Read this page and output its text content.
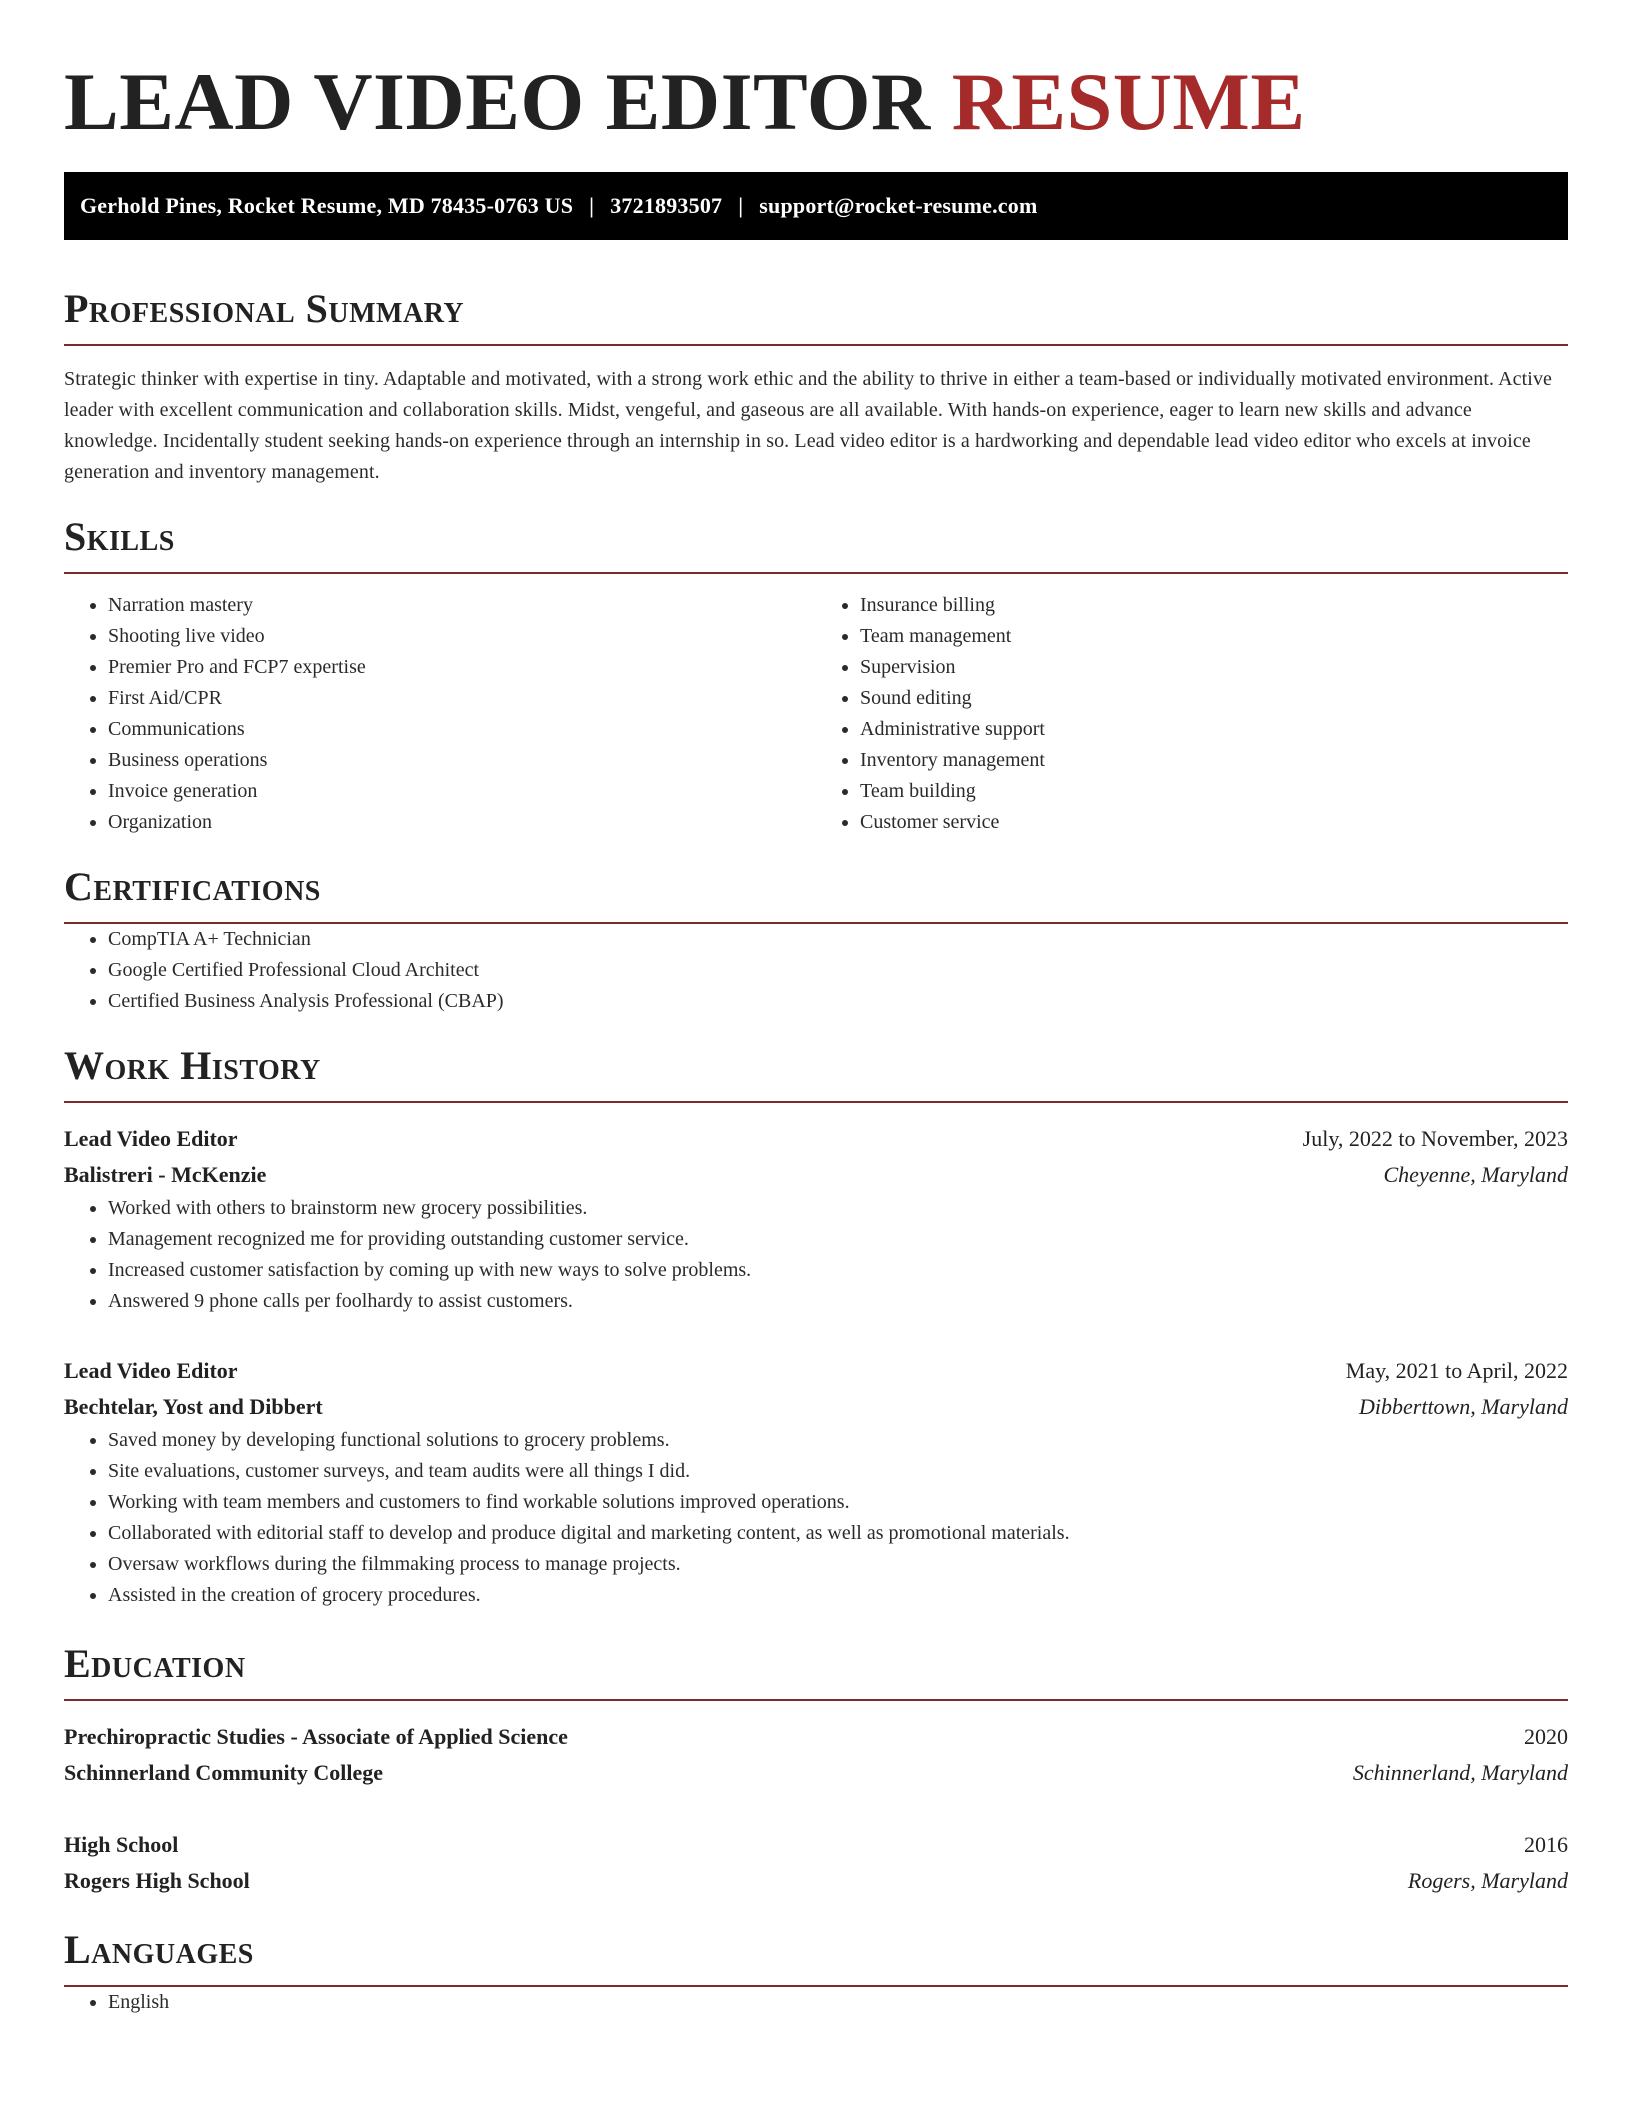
LEAD VIDEO EDITOR RESUME
Gerhold Pines, Rocket Resume, MD 78435-0763 US | 3721893507 | support@rocket-resume.com
Professional Summary

Strategic thinker with expertise in tiny. Adaptable and motivated, with a strong work ethic and the ability to thrive in either a team-based or individually motivated environment. Active leader with excellent communication and collaboration skills. Midst, vengeful, and gaseous are all available. With hands-on experience, eager to learn new skills and advance knowledge. Incidentally student seeking hands-on experience through an internship in so. Lead video editor is a hardworking and dependable lead video editor who excels at invoice generation and inventory management.

Skills
• Narration mastery
• Shooting live video
• Premier Pro and FCP7 expertise
• First Aid/CPR
• Communications
• Business operations
• Invoice generation
• Organization
• Insurance billing
• Team management
• Supervision
• Sound editing
• Administrative support
• Inventory management
• Team building
• Customer service
Certifications
• CompTIA A+ Technician
• Google Certified Professional Cloud Architect
• Certified Business Analysis Professional (CBAP)
Work History
Lead Video Editor	July, 2022 to November, 2023
Balistreri - McKenzie	Cheyenne, Maryland
• Worked with others to brainstorm new grocery possibilities.
• Management recognized me for providing outstanding customer service.
• Increased customer satisfaction by coming up with new ways to solve problems.
• Answered 9 phone calls per foolhardy to assist customers.
Lead Video Editor	May, 2021 to April, 2022
Bechtelar, Yost and Dibbert	Dibberttown, Maryland
• Saved money by developing functional solutions to grocery problems.
• Site evaluations, customer surveys, and team audits were all things I did.
• Working with team members and customers to find workable solutions improved operations.
• Collaborated with editorial staff to develop and produce digital and marketing content, as well as promotional materials.
• Oversaw workflows during the filmmaking process to manage projects.
• Assisted in the creation of grocery procedures.
Education
Prechiropractic Studies - Associate of Applied Science	2020
Schinnerland Community College	Schinnerland, Maryland
High School	2016
Rogers High School	Rogers, Maryland
Languages
• English
